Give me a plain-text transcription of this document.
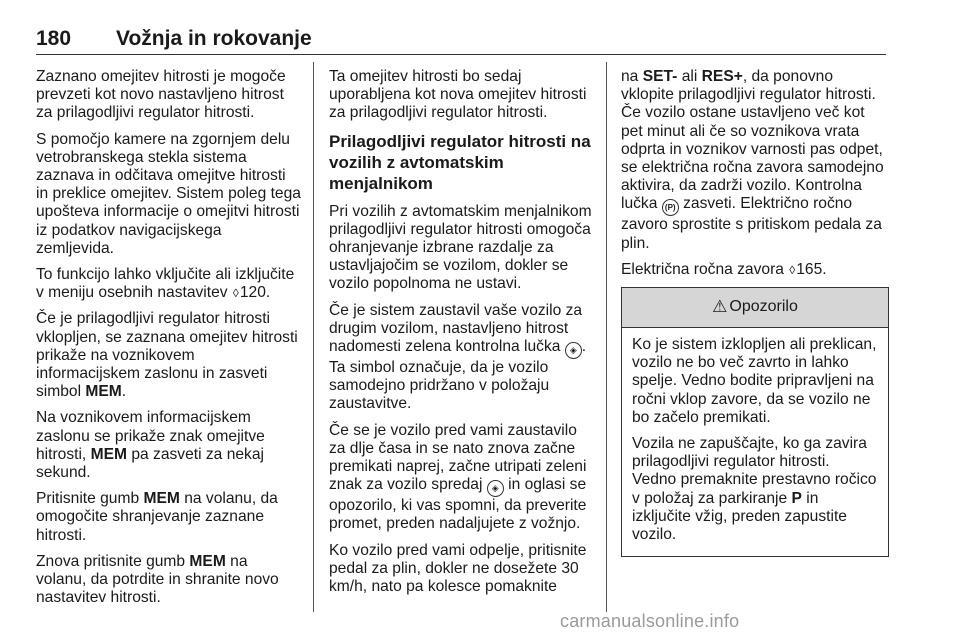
180 Vožnja in rokovanje

Zaznano omejitev hitrosti je mogoče prevzeti kot novo nastavljeno hitrost za prilagodljivi regulator hitrosti.

S pomočjo kamere na zgornjem delu vetrobranskega stekla sistema zaznava in odčitava omejitve hitrosti in preklice omejitev. Sistem poleg tega upošteva informacije o omejitvi hitrosti iz podatkov navigacijskega zemljevida.

To funkcijo lahko vključite ali izključite v meniju osebnih nastavitev ◊120.

Če je prilagodljivi regulator hitrosti vklopljen, se zaznana omejitev hitrosti prikaže na voznikovem informacijskem zaslonu in zasveti simbol MEM.

Na voznikovem informacijskem zaslonu se prikaže znak omejitve hitrosti, MEM pa zasveti za nekaj sekund.

Pritisnite gumb MEM na volanu, da omogočite shranjevanje zaznane hitrosti.

Znova pritisnite gumb MEM na volanu, da potrdite in shranite novo nastavitev hitrosti.

Ta omejitev hitrosti bo sedaj uporabljena kot nova omejitev hitrosti za prilagodljivi regulator hitrosti.

Prilagodljivi regulator hitrosti na vozilih z avtomatskim menjalnikom

Pri vozilih z avtomatskim menjalnikom prilagodljivi regulator hitrosti omogoča ohranjevanje izbrane razdalje za ustavljajočim se vozilom, dokler se vozilo popolnoma ne ustavi.

Če je sistem zaustavil vaše vozilo za drugim vozilom, nastavljeno hitrost nadomesti zelena kontrolna lučka ◈ . Ta simbol označuje, da je vozilo samodejno pridržano v položaju zaustavitve.

Če se je vozilo pred vami zaustavilo za dlje časa in se nato znova začne premikati naprej, začne utripati zeleni znak za vozilo spredaj ◈ in oglasi se opozorilo, ki vas spomni, da preverite promet, preden nadaljujete z vožnjo.

Ko vozilo pred vami odpelje, pritisnite pedal za plin, dokler ne dosežete 30 km/h, nato pa kolesce pomaknite

na SET- ali RES+, da ponovno vklopite prilagodljivi regulator hitrosti. Če vozilo ostane ustavljeno več kot pet minut ali če so voznikova vrata odprta in voznikov varnosti pas odpet, se električna ročna zavora samodejno aktivira, da zadrži vozilo. Kontrolna lučka (P) zasveti. Električno ročno zavoro sprostite s pritiskom pedala za plin.

Električna ročna zavora ◊165.

⚠ Opozorilo

Ko je sistem izklopljen ali preklican, vozilo ne bo več zavrto in lahko spelje. Vedno bodite pripravljeni na ročni vklop zavore, da se vozilo ne bo začelo premikati.

Vozila ne zapuščajte, ko ga zavira prilagodljivi regulator hitrosti. Vedno premaknite prestavno ročico v položaj za parkiranje P in izključite vžig, preden zapustite vozilo.

carmanualsonline.info
